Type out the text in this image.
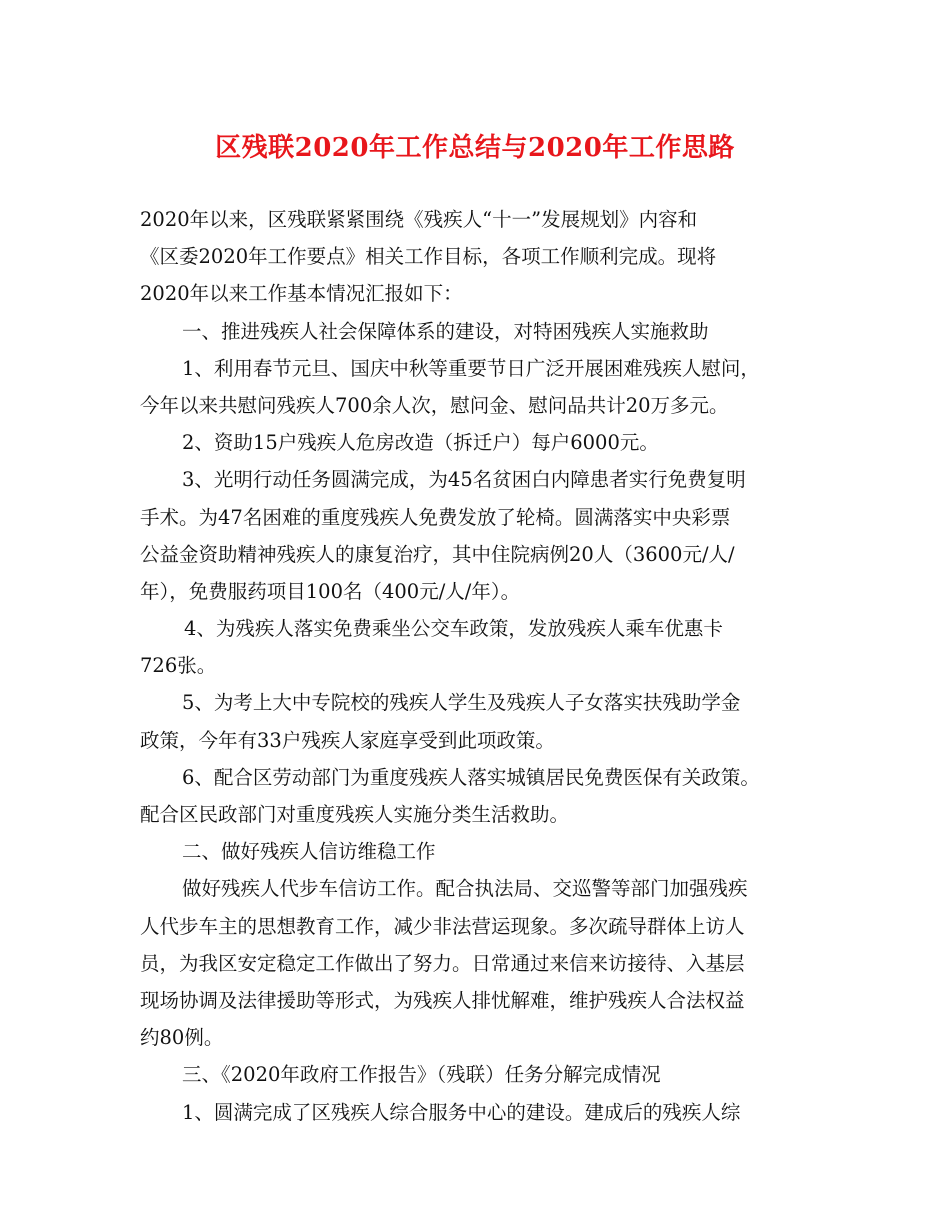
区残联2020年工作总结与2020年工作思路
2020年以来，区残联紧紧围绕《残疾人“十一”发展规划》内容和
《区委2020年工作要点》相关工作目标，各项工作顺利完成。现将
2020年以来工作基本情况汇报如下：
一、推进残疾人社会保障体系的建设，对特困残疾人实施救助
1、利用春节元旦、国庆中秋等重要节日广泛开展困难残疾人慰问，
今年以来共慰问残疾人700余人次，慰问金、慰问品共计20万多元。
2、资助15户残疾人危房改造（拆迁户）每户6000元。
3、光明行动任务圆满完成，为45名贫困白内障患者实行免费复明
手术。为47名困难的重度残疾人免费发放了轮椅。圆满落实中央彩票
公益金资助精神残疾人的康复治疗，其中住院病例20人（3600元/人/
年），免费服药项目100名（400元/人/年）。
4、为残疾人落实免费乘坐公交车政策，发放残疾人乘车优惠卡
726张。
5、为考上大中专院校的残疾人学生及残疾人子女落实扶残助学金
政策，今年有33户残疾人家庭享受到此项政策。
6、配合区劳动部门为重度残疾人落实城镇居民免费医保有关政策。
配合区民政部门对重度残疾人实施分类生活救助。
二、做好残疾人信访维稳工作
做好残疾人代步车信访工作。配合执法局、交巡警等部门加强残疾
人代步车主的思想教育工作，减少非法营运现象。多次疏导群体上访人
员，为我区安定稳定工作做出了努力。日常通过来信来访接待、入基层
现场协调及法律援助等形式，为残疾人排忧解难，维护残疾人合法权益
约80例。
三、《2020年政府工作报告》（残联）任务分解完成情况
1、圆满完成了区残疾人综合服务中心的建设。建成后的残疾人综
